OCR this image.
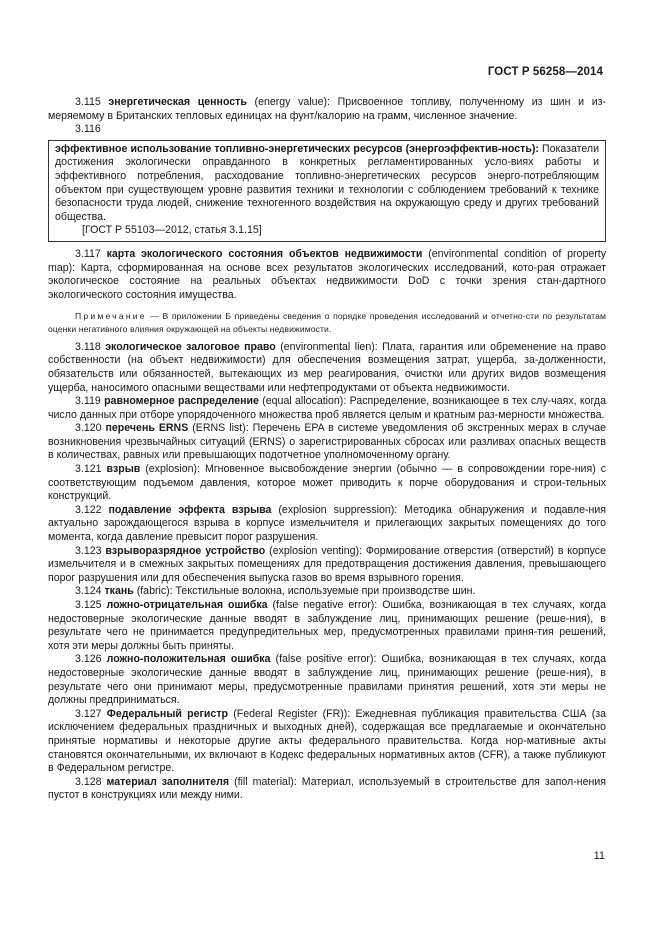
ГОСТ Р 56258—2014

3.115 энергетическая ценность (energy value): Присвоенное топливу, полученному из шин и из-меряемому в Британских тепловых единицах на фунт/калорию на грамм, численное значение.

3.116

эффективное использование топливно-энергетических ресурсов (энергоэффектив-ность): Показатели достижения экологически оправданного в конкретных регламентированных усло-виях работы и эффективного потребления, расходование топливно-энергетических ресурсов энерго-потребляющим объектом при существующем уровне развития техники и технологии с соблюдением требований к технике безопасности труда людей, снижение техногенного воздействия на окружающую среду и других требований общества.

[ГОСТ Р 55103—2012, статья 3.1.15]

3.117 карта экологического состояния объектов недвижимости (environmental condition of property map): Карта, сформированная на основе всех результатов экологических исследований, кото-рая отражает экологическое состояние на реальных объектах недвижимости DoD с точки зрения стан-дартного экологического состояния имущества.

Примечание — В приложении Б приведены сведения о порядке проведения исследований и отчетно-сти по результатам оценки негативного влияния окружающей на объекты недвижимости.

3.118 экологическое залоговое право (environmental lien): Плата, гарантия или обременение на право собственности (на объект недвижимости) для обеспечения возмещения затрат, ущерба, за-долженности, обязательств или обязанностей, вытекающих из мер реагирования, очистки или других видов возмещения ущерба, наносимого опасными веществами или нефтепродуктами от объекта недвижимости.

3.119 равномерное распределение (equal allocation): Распределение, возникающее в тех слу-чаях, когда число данных при отборе упорядоченного множества проб является целым и кратным раз-мерности множества.

3.120 перечень ERNS (ERNS list): Перечень EPA в системе уведомления об экстренных мерах в случае возникновения чрезвычайных ситуаций (ERNS) о зарегистрированных сбросах или разливах опасных веществ в количествах, равных или превышающих подотчетное уполномоченному органу.

3.121 взрыв (explosion): Мгновенное высвобождение энергии (обычно — в сопровождении горе-ния) с соответствующим подъемом давления, которое может приводить к порче оборудования и строи-тельных конструкций.

3.122 подавление эффекта взрыва (explosion suppression): Методика обнаружения и подавле-ния актуально зарождающегося взрыва в корпусе измельчителя и прилегающих закрытых помещениях до того момента, когда давление превысит порог разрушения.

3.123 взрыворазрядное устройство (explosion venting): Формирование отверстия (отверстий) в корпусе измельчителя и в смежных закрытых помещениях для предотвращения достижения давления, превышающего порог разрушения или для обеспечения выпуска газов во время взрывного горения.

3.124 ткань (fabric): Текстильные волокна, используемые при производстве шин.

3.125 ложно-отрицательная ошибка (false negative error): Ошибка, возникающая в тех случаях, когда недостоверные экологические данные вводят в заблуждение лиц, принимающих решение (реше-ния), в результате чего не принимается предупредительных мер, предусмотренных правилами приня-тия решений, хотя эти меры должны быть приняты.

3.126 ложно-положительная ошибка (false positive error): Ошибка, возникающая в тех случаях, когда недостоверные экологические данные вводят в заблуждение лиц, принимающих решение (реше-ния), в результате чего они принимают меры, предусмотренные правилами принятия решений, хотя эти меры не должны предприниматься.

3.127 Федеральный регистр (Federal Register (FR)): Ежедневная публикация правительства США (за исключением федеральных праздничных и выходных дней), содержащая все предлагаемые и окончательно принятые нормативы и некоторые другие акты федерального правительства. Когда нор-мативные акты становятся окончательными, их включают в Кодекс федеральных нормативных актов (CFR), а также публикуют в Федеральном регистре.

3.128 материал заполнителя (fill material): Материал, используемый в строительстве для запол-нения пустот в конструкциях или между ними.

11
